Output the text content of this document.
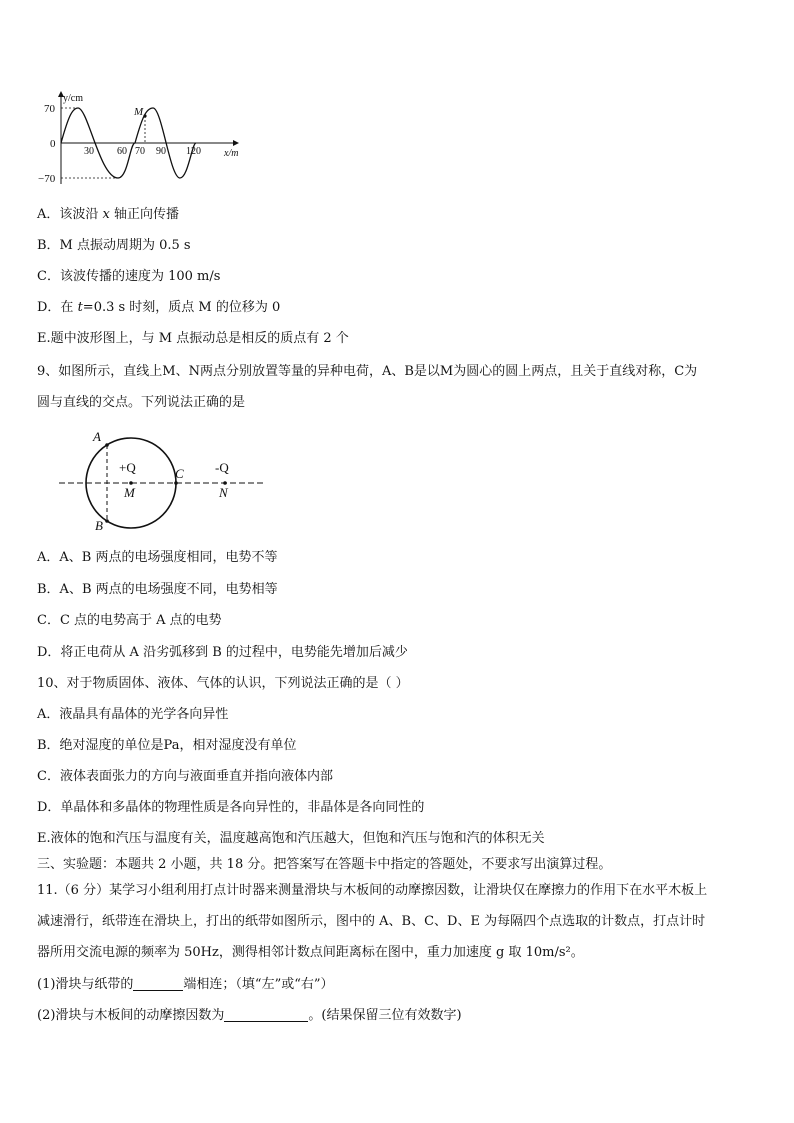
y/cm
70
0
−70
30 60 70 90 120 x/m
M
A．该波沿 x 轴正向传播
B．M 点振动周期为 0.5 s
C．该波传播的速度为 100 m/s
D．在 t=0.3 s 时刻，质点 M 的位移为 0
E.题中波形图上，与 M 点振动总是相反的质点有 2 个
9、如图所示，直线上M、N两点分别放置等量的异种电荷，A、B是以M为圆心的圆上两点，且关于直线对称，C为
圆与直线的交点。下列说法正确的是
A
B
C
+Q	-Q
M	N
A．A、B 两点的电场强度相同，电势不等
B．A、B 两点的电场强度不同，电势相等
C．C 点的电势高于 A 点的电势
D．将正电荷从 A 沿劣弧移到 B 的过程中，电势能先增加后减少
10、对于物质固体、液体、气体的认识，下列说法正确的是（ ）
A．液晶具有晶体的光学各向异性
B．绝对湿度的单位是Pa，相对湿度没有单位
C．液体表面张力的方向与液面垂直并指向液体内部
D．单晶体和多晶体的物理性质是各向异性的，非晶体是各向同性的
E.液体的饱和汽压与温度有关，温度越高饱和汽压越大，但饱和汽压与饱和汽的体积无关
三、实验题：本题共 2 小题，共 18 分。把答案写在答题卡中指定的答题处，不要求写出演算过程。
11.（6 分）某学习小组利用打点计时器来测量滑块与木板间的动摩擦因数，让滑块仅在摩擦力的作用下在水平木板上
减速滑行，纸带连在滑块上，打出的纸带如图所示，图中的 A、B、C、D、E 为每隔四个点选取的计数点，打点计时
器所用交流电源的频率为 50Hz，测得相邻计数点间距离标在图中，重力加速度 g 取 10m/s²。
(1)滑块与纸带的	端相连；（填“左”或“右”）
(2)滑块与木板间的动摩擦因数为	。(结果保留三位有效数字)
